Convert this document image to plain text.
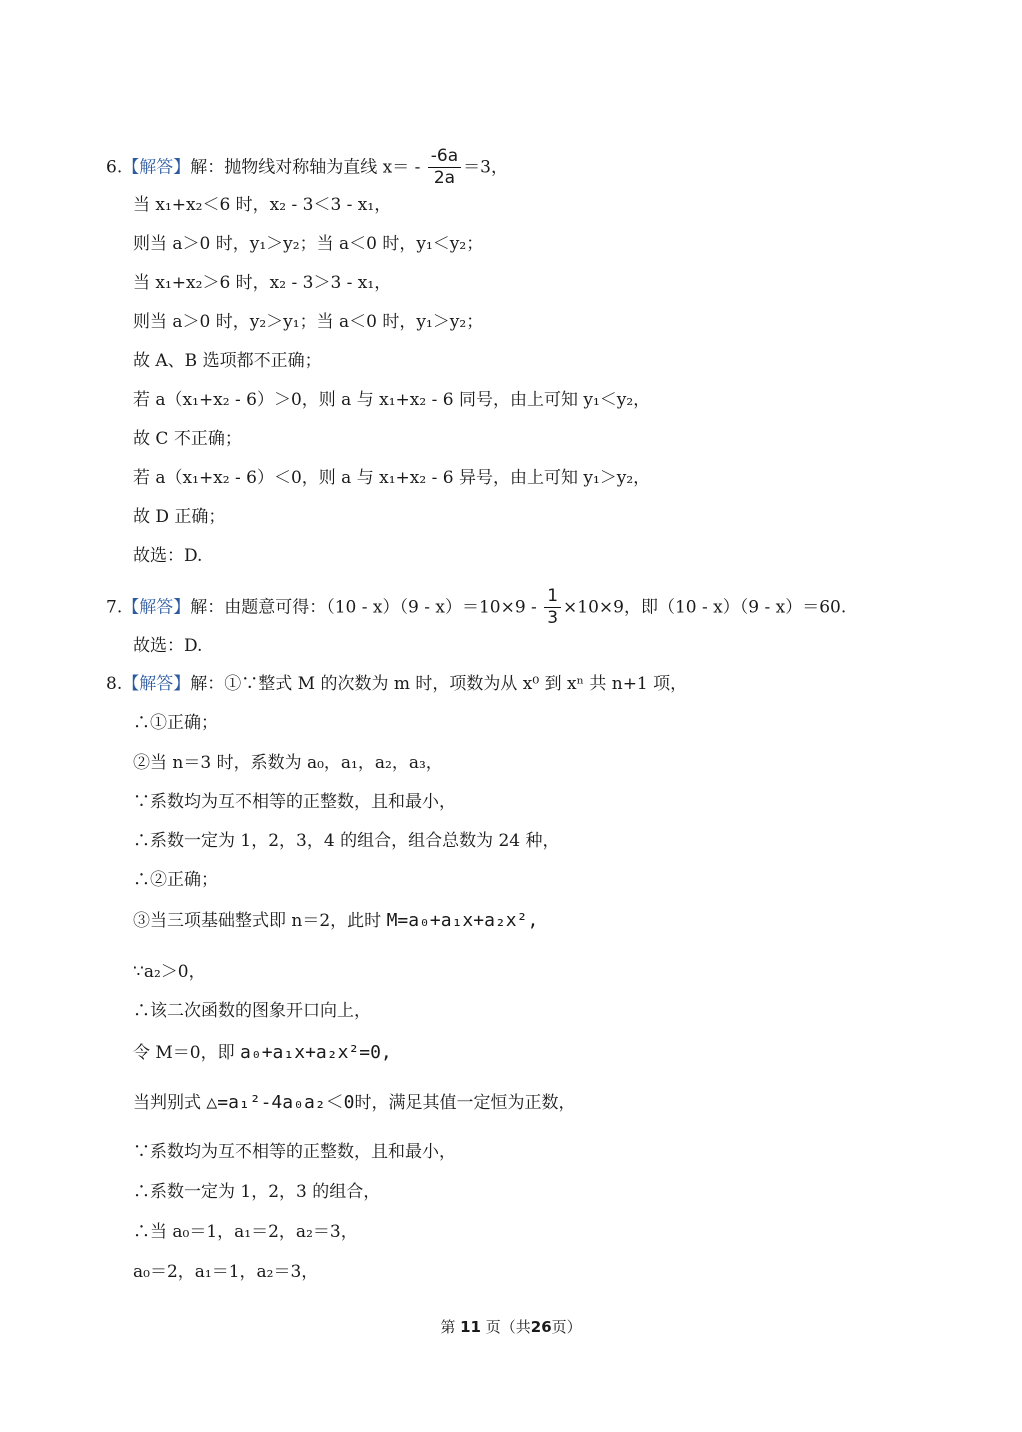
6.【解答】解：抛物线对称轴为直线 $x= - \frac{-6a}{2a} =3$，
当 x₁+x₂＜6 时，x₂ - 3＜3 - x₁，
则当 a＞0 时，y₁＞y₂；当 a＜0 时，y₁＜y₂；
当 x₁+x₂＞6 时，x₂ - 3＞3 - x₁，
则当 a＞0 时，y₂＞y₁；当 a＜0 时，y₁＞y₂；
故 A、B 选项都不正确；
若 a（x₁+x₂ - 6）＞0，则 a 与 x₁+x₂ - 6 同号，由上可知 y₁＜y₂，
故 C 不正确；
若 a（x₁+x₂ - 6）＜0，则 a 与 x₁+x₂ - 6 异号，由上可知 y₁＞y₂，
故 D 正确；
故选：D.
7.【解答】解：由题意可得：$(10 - x)(9 - x)=10\times 9 - \frac{1}{3} \times 10\times 9$，即（10 - x）（9 - x）＝60.
故选：D.
8.【解答】解：①∵整式 M 的次数为 m 时，项数为从 x⁰ 到 xⁿ 共 n+1 项，
∴①正确；
②当 n＝3 时，系数为 a₀，a₁，a₂，a₃，
∵系数均为互不相等的正整数，且和最小，
∴系数一定为 1，2，3，4 的组合，组合总数为 24 种，
∴②正确；
③当三项基础整式即 n＝2，此时 M=a₀+a₁x+a₂x²,
∵a₂＞0，
∴该二次函数的图象开口向上，
令 M＝0，即 a₀+a₁x+a₂x²=0,
当判别式 △=a₁²-4a₀a₂＜0时，满足其值一定恒为正数，
∵系数均为互不相等的正整数，且和最小，
∴系数一定为 1，2，3 的组合，
∴当 a₀＝1，a₁＝2，a₂＝3，
a₀＝2，a₁＝1，a₂＝3，
第 11 页（共26页）
